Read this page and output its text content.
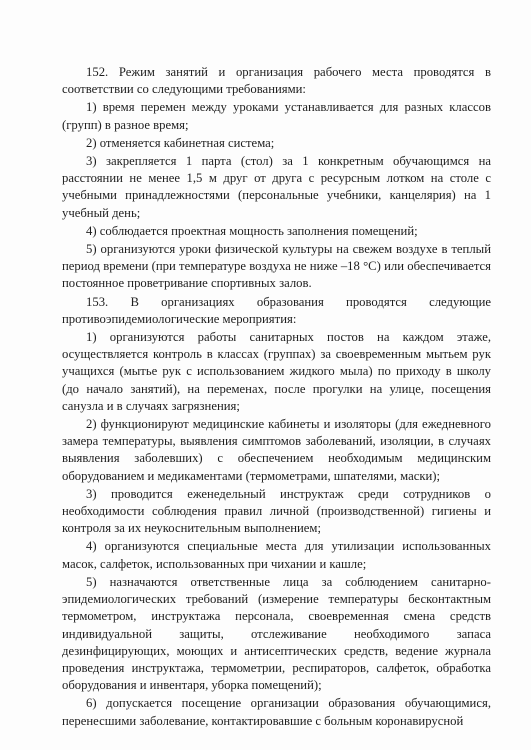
152. Режим занятий и организация рабочего места проводятся в соответствии со следующими требованиями:

1) время перемен между уроками устанавливается для разных классов (групп) в разное время;

2) отменяется кабинетная система;

3) закрепляется 1 парта (стол) за 1 конкретным обучающимся на расстоянии не менее 1,5 м друг от друга с ресурсным лотком на столе с учебными принадлежностями (персональные учебники, канцелярия) на 1 учебный день;

4) соблюдается проектная мощность заполнения помещений;

5) организуются уроки физической культуры на свежем воздухе в теплый период времени (при температуре воздуха не ниже –18 °С) или обеспечивается постоянное проветривание спортивных залов.

153. В организациях образования проводятся следующие противоэпидемиологические мероприятия:

1) организуются работы санитарных постов на каждом этаже, осуществляется контроль в классах (группах) за своевременным мытьем рук учащихся (мытье рук с использованием жидкого мыла) по приходу в школу (до начало занятий), на переменах, после прогулки на улице, посещения санузла и в случаях загрязнения;

2) функционируют медицинские кабинеты и изоляторы (для ежедневного замера температуры, выявления симптомов заболеваний, изоляции, в случаях выявления заболевших) с обеспечением необходимым медицинским оборудованием и медикаментами (термометрами, шпателями, маски);

3) проводится еженедельный инструктаж среди сотрудников о необходимости соблюдения правил личной (производственной) гигиены и контроля за их неукоснительным выполнением;

4) организуются специальные места для утилизации использованных масок, салфеток, использованных при чихании и кашле;

5) назначаются ответственные лица за соблюдением санитарно-эпидемиологических требований (измерение температуры бесконтактным термометром, инструктажа персонала, своевременная смена средств индивидуальной защиты, отслеживание необходимого запаса дезинфицирующих, моющих и антисептических средств, ведение журнала проведения инструктажа, термометрии, респираторов, салфеток, обработка оборудования и инвентаря, уборка помещений);

6) допускается посещение организации образования обучающимися, перенесшими заболевание, контактировавшие с больным коронавирусной
